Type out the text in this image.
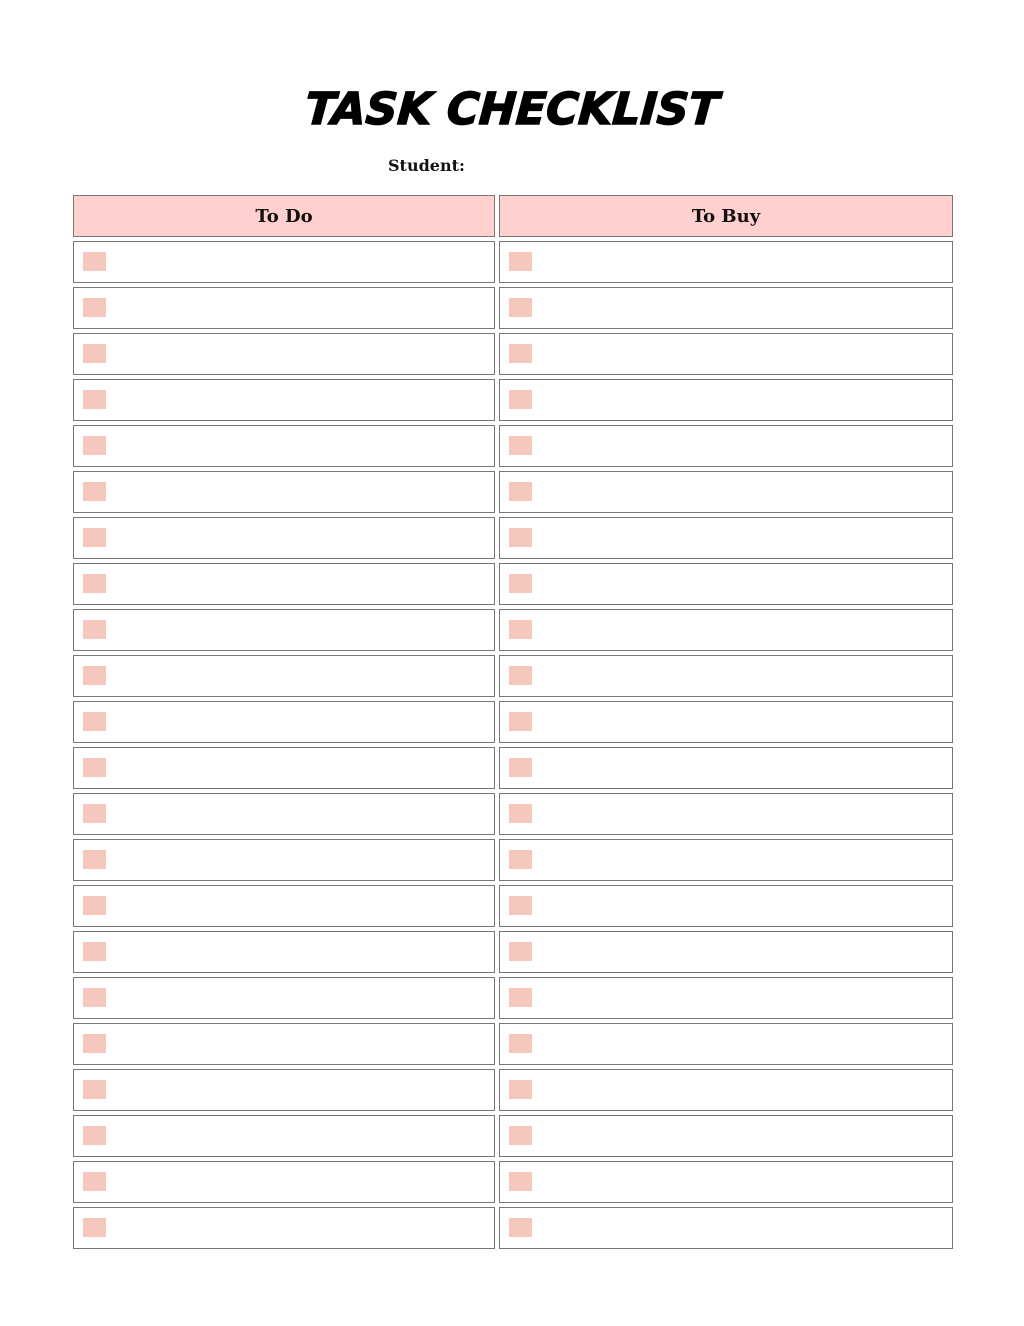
TASK CHECKLIST
Student:
To Do	To Buy
